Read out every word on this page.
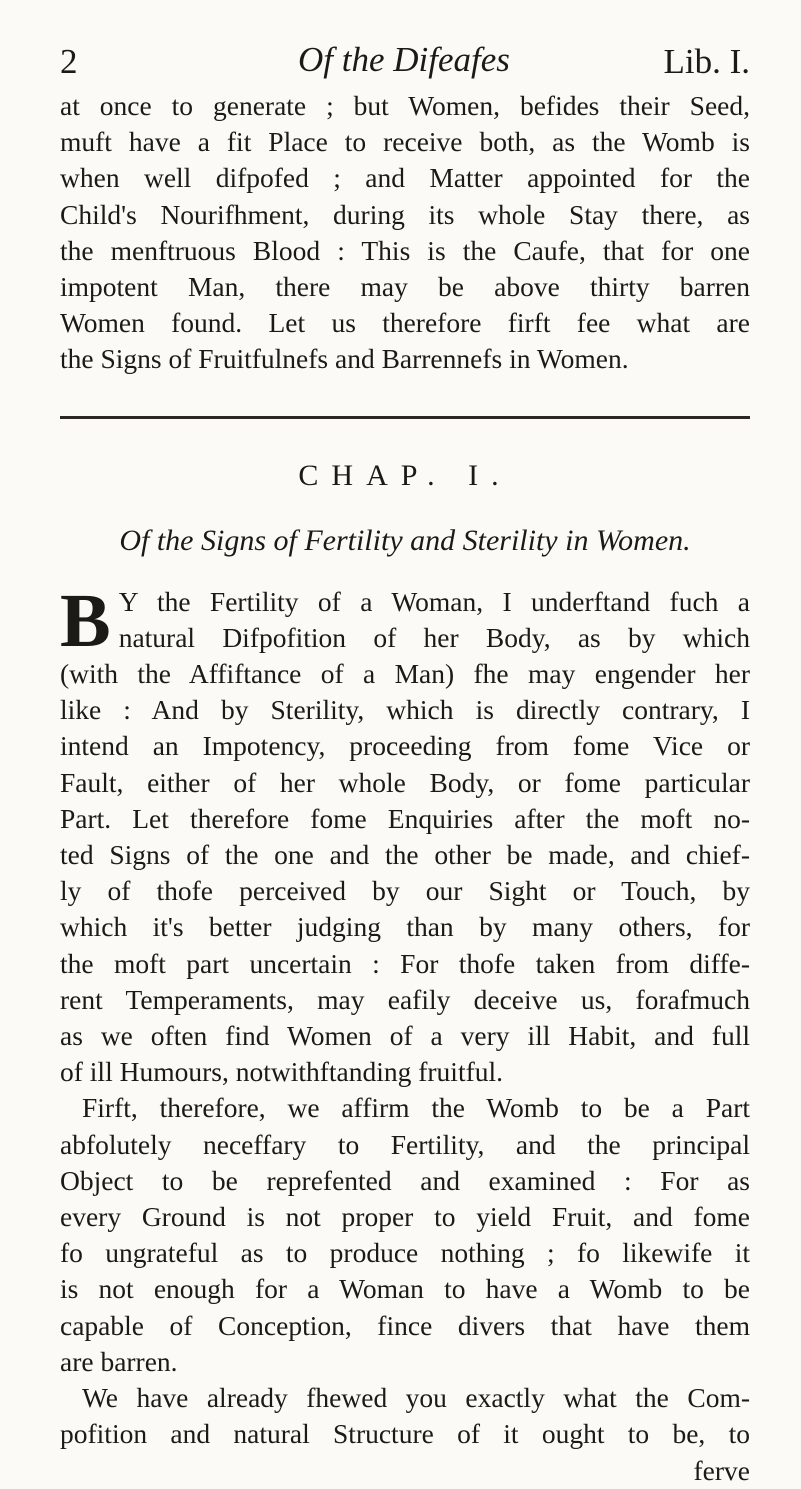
2	Of the Difeafes	Lib. I.

at once to generate ; but Women, befides their Seed,
muft have a fit Place to receive both, as the Womb is
when well difpofed ; and Matter appointed for the
Child's Nourifhment, during its whole Stay there, as
the menftruous Blood : This is the Caufe, that for one
impotent Man, there may be above thirty barren
Women found. Let us therefore firft fee what are
the Signs of Fruitfulnefs and Barrennefs in Women.

CHAP. I.
Of the Signs of Fertility and Sterility in Women.
B Y the Fertility of a Woman, I underftand fuch a
natural Difpofition of her Body, as by which
(with the Affiftance of a Man) fhe may engender her
like : And by Sterility, which is directly contrary, I
intend an Impotency, proceeding from fome Vice or
Fault, either of her whole Body, or fome particular
Part. Let therefore fome Enquiries after the moft no-
ted Signs of the one and the other be made, and chief-
ly of thofe perceived by our Sight or Touch, by
which it's better judging than by many others, for
the moft part uncertain : For thofe taken from diffe-
rent Temperaments, may eafily deceive us, forafmuch
as we often find Women of a very ill Habit, and full
of ill Humours, notwithftanding fruitful.
Firft, therefore, we affirm the Womb to be a Part
abfolutely neceffary to Fertility, and the principal
Object to be reprefented and examined : For as
every Ground is not proper to yield Fruit, and fome
fo ungrateful as to produce nothing ; fo likewife it
is not enough for a Woman to have a Womb to be
capable of Conception, fince divers that have them
are barren.
We have already fhewed you exactly what the Com-
pofition and natural Structure of it ought to be, to
ferve
